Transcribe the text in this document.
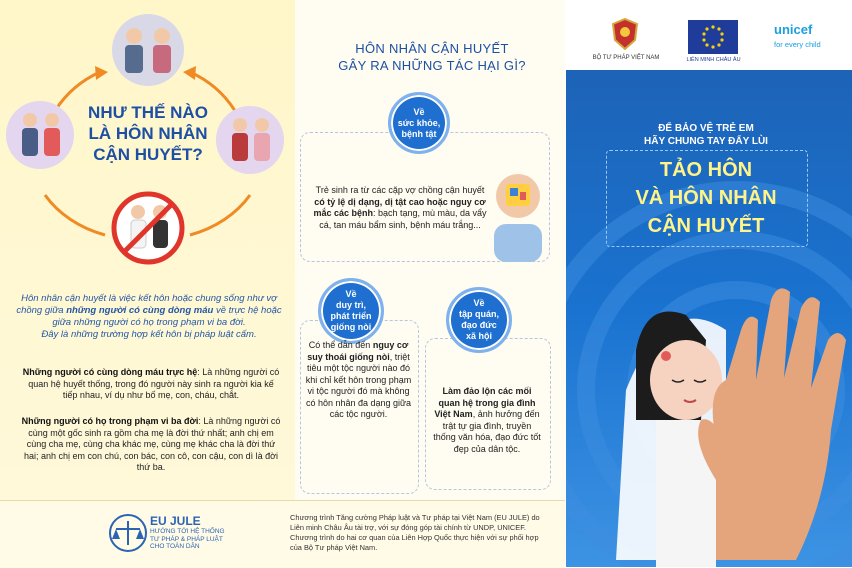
NHƯ THẾ NÀO
LÀ HÔN NHÂN
CẬN HUYẾT?
Hôn nhân cận huyết là việc kết hôn hoặc chung sống như vợ chồng giữa những người có cùng dòng máu về trực hệ hoặc giữa những người có họ trong phạm vi ba đời.
Đây là những trường hợp kết hôn bị pháp luật cấm.
Những người có cùng dòng máu trực hệ: Là những người có quan hệ huyết thống, trong đó người này sinh ra người kia kế tiếp nhau, ví dụ như bố mẹ, con, cháu, chắt.
Những người có họ trong phạm vi ba đời: Là những người có cùng một gốc sinh ra gồm cha mẹ là đời thứ nhất; anh chị em cùng cha mẹ, cùng cha khác mẹ, cùng mẹ khác cha là đời thứ hai; anh chị em con chú, con bác, con cô, con cậu, con dì là đời thứ ba.
HÔN NHÂN CẬN HUYẾT
GÂY RA NHỮNG TÁC HẠI GÌ?
Về
sức khỏe,
bệnh tật
Trẻ sinh ra từ các cặp vợ chồng cận huyết có tỷ lệ dị dạng, dị tật cao hoặc nguy cơ mắc các bệnh: bạch tạng, mù màu, da vẩy cá, tan máu bẩm sinh, bệnh máu trắng...
Về
duy trì,
phát triển
giống nòi
Có thể dẫn đến nguy cơ suy thoái giống nòi, triệt tiêu một tộc người nào đó khi chỉ kết hôn trong phạm vi tộc người đó mà không có hôn nhân đa dạng giữa các tộc người.
Về
tập quán,
đạo đức
xã hội
Làm đảo lộn các mối quan hệ trong gia đình Việt Nam, ảnh hưởng đến trật tự gia đình, truyền thống văn hóa, đạo đức tốt đẹp của dân tộc.
EU JULE
HƯỚNG TỚI HỆ THỐNG
TƯ PHÁP & PHÁP LUẬT
CHO TOÀN DÂN
Chương trình Tăng cường Pháp luật và Tư pháp tại Việt Nam (EU JULE) do Liên minh Châu Âu tài trợ, với sự đóng góp tài chính từ UNDP, UNICEF. Chương trình do hai cơ quan của Liên Hợp Quốc thực hiện với sự phối hợp của Bộ Tư pháp Việt Nam.
BỘ TƯ PHÁP VIỆT NAM	LIÊN MINH CHÂU ÂU
unicef
for every child
ĐỂ BẢO VỆ TRẺ EM
HÃY CHUNG TAY ĐẨY LÙI
TẢO HÔN
VÀ HÔN NHÂN
CẬN HUYẾT
